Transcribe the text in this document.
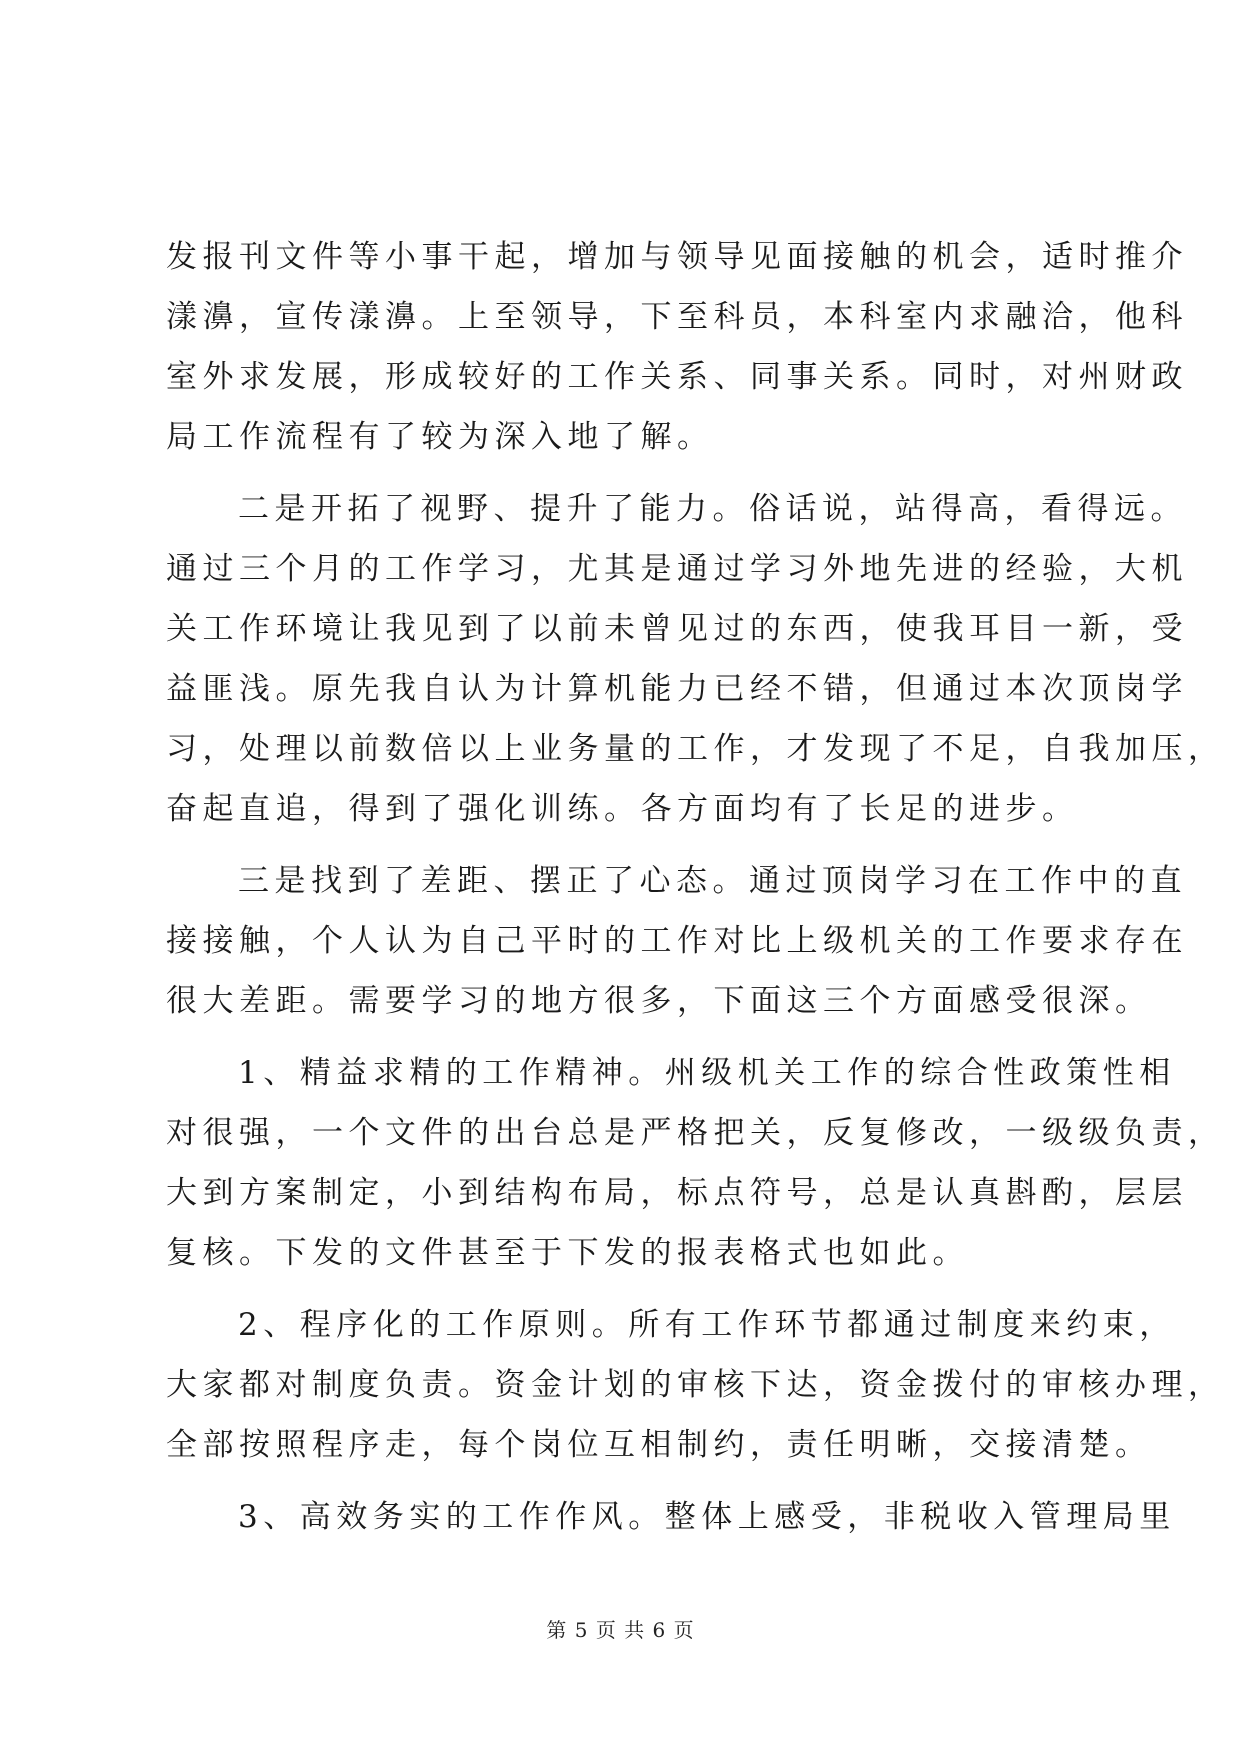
发报刊文件等小事干起，增加与领导见面接触的机会，适时推介
漾濞，宣传漾濞。上至领导，下至科员，本科室内求融洽，他科
室外求发展，形成较好的工作关系、同事关系。同时，对州财政
局工作流程有了较为深入地了解。
二是开拓了视野、提升了能力。俗话说，站得高，看得远。
通过三个月的工作学习，尤其是通过学习外地先进的经验，大机
关工作环境让我见到了以前未曾见过的东西，使我耳目一新，受
益匪浅。原先我自认为计算机能力已经不错，但通过本次顶岗学
习，处理以前数倍以上业务量的工作，才发现了不足，自我加压，
奋起直追，得到了强化训练。各方面均有了长足的进步。
三是找到了差距、摆正了心态。通过顶岗学习在工作中的直
接接触，个人认为自己平时的工作对比上级机关的工作要求存在
很大差距。需要学习的地方很多，下面这三个方面感受很深。
1、精益求精的工作精神。州级机关工作的综合性政策性相
对很强，一个文件的出台总是严格把关，反复修改，一级级负责，
大到方案制定，小到结构布局，标点符号，总是认真斟酌，层层
复核。下发的文件甚至于下发的报表格式也如此。
2、程序化的工作原则。所有工作环节都通过制度来约束，
大家都对制度负责。资金计划的审核下达，资金拨付的审核办理，
全部按照程序走，每个岗位互相制约，责任明晰，交接清楚。
3、高效务实的工作作风。整体上感受，非税收入管理局里
第 5 页 共 6 页
